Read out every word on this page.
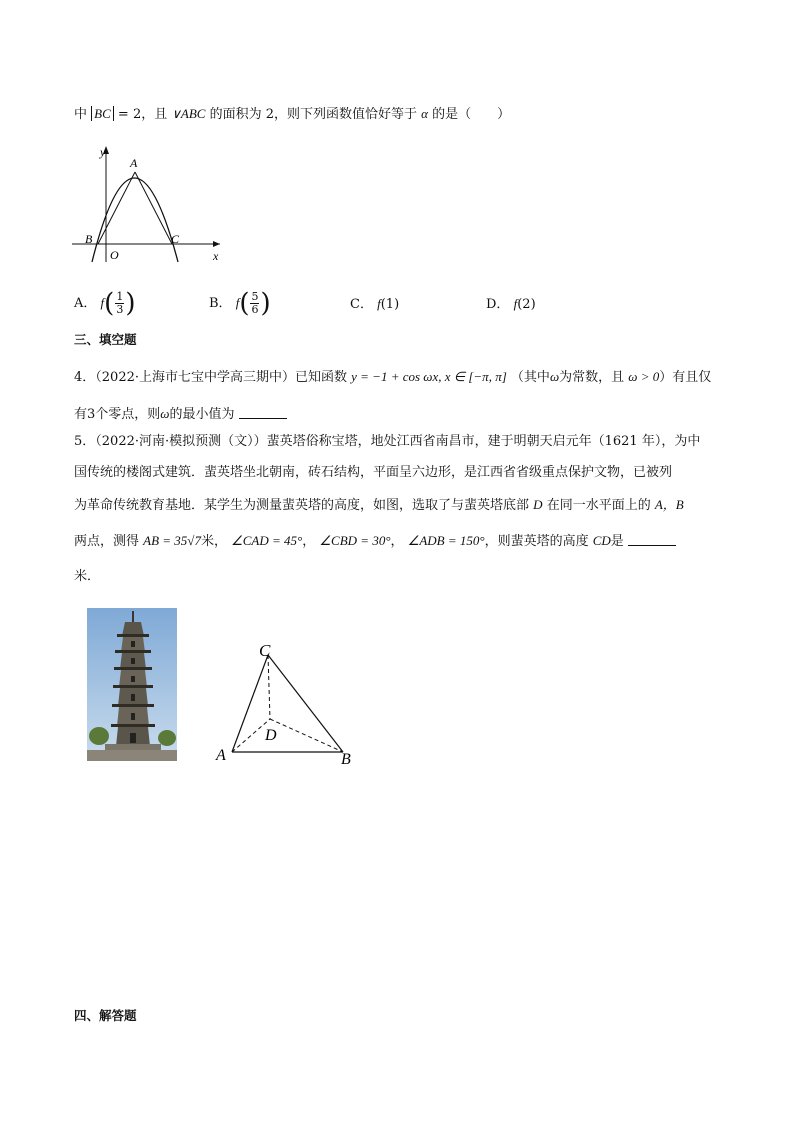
中 BC = 2，且 ∨ABC 的面积为 2，则下列函数值恰好等于 α 的是（　　）
y
x
A
B	C
O
A． $f( \frac{1}{3}$ )	B． $f( \frac{5}{6}$ )	C． f(1)	D． f(2)
三、填空题
4．（2022·上海市七宝中学高三期中）已知函数 y = −1 + cos ωx, x ∈ [−π, π] （其中ω为常数，且 ω > 0）有且仅
有3个零点，则ω的最小值为
5．（2022·河南·模拟预测（文））蜚英塔俗称宝塔，地处江西省南昌市，建于明朝天启元年（1621 年），为中
国传统的楼阁式建筑．蜚英塔坐北朝南，砖石结构，平面呈六边形，是江西省省级重点保护文物，已被列
为革命传统教育基地．某学生为测量蜚英塔的高度，如图，选取了与蜚英塔底部 D 在同一水平面上的 A，B
两点，测得 AB = 35√7米， ∠CAD = 45°， ∠CBD = 30°， ∠ADB = 150°，则蜚英塔的高度 CD是
米．
C
D
A	B
四、解答题
